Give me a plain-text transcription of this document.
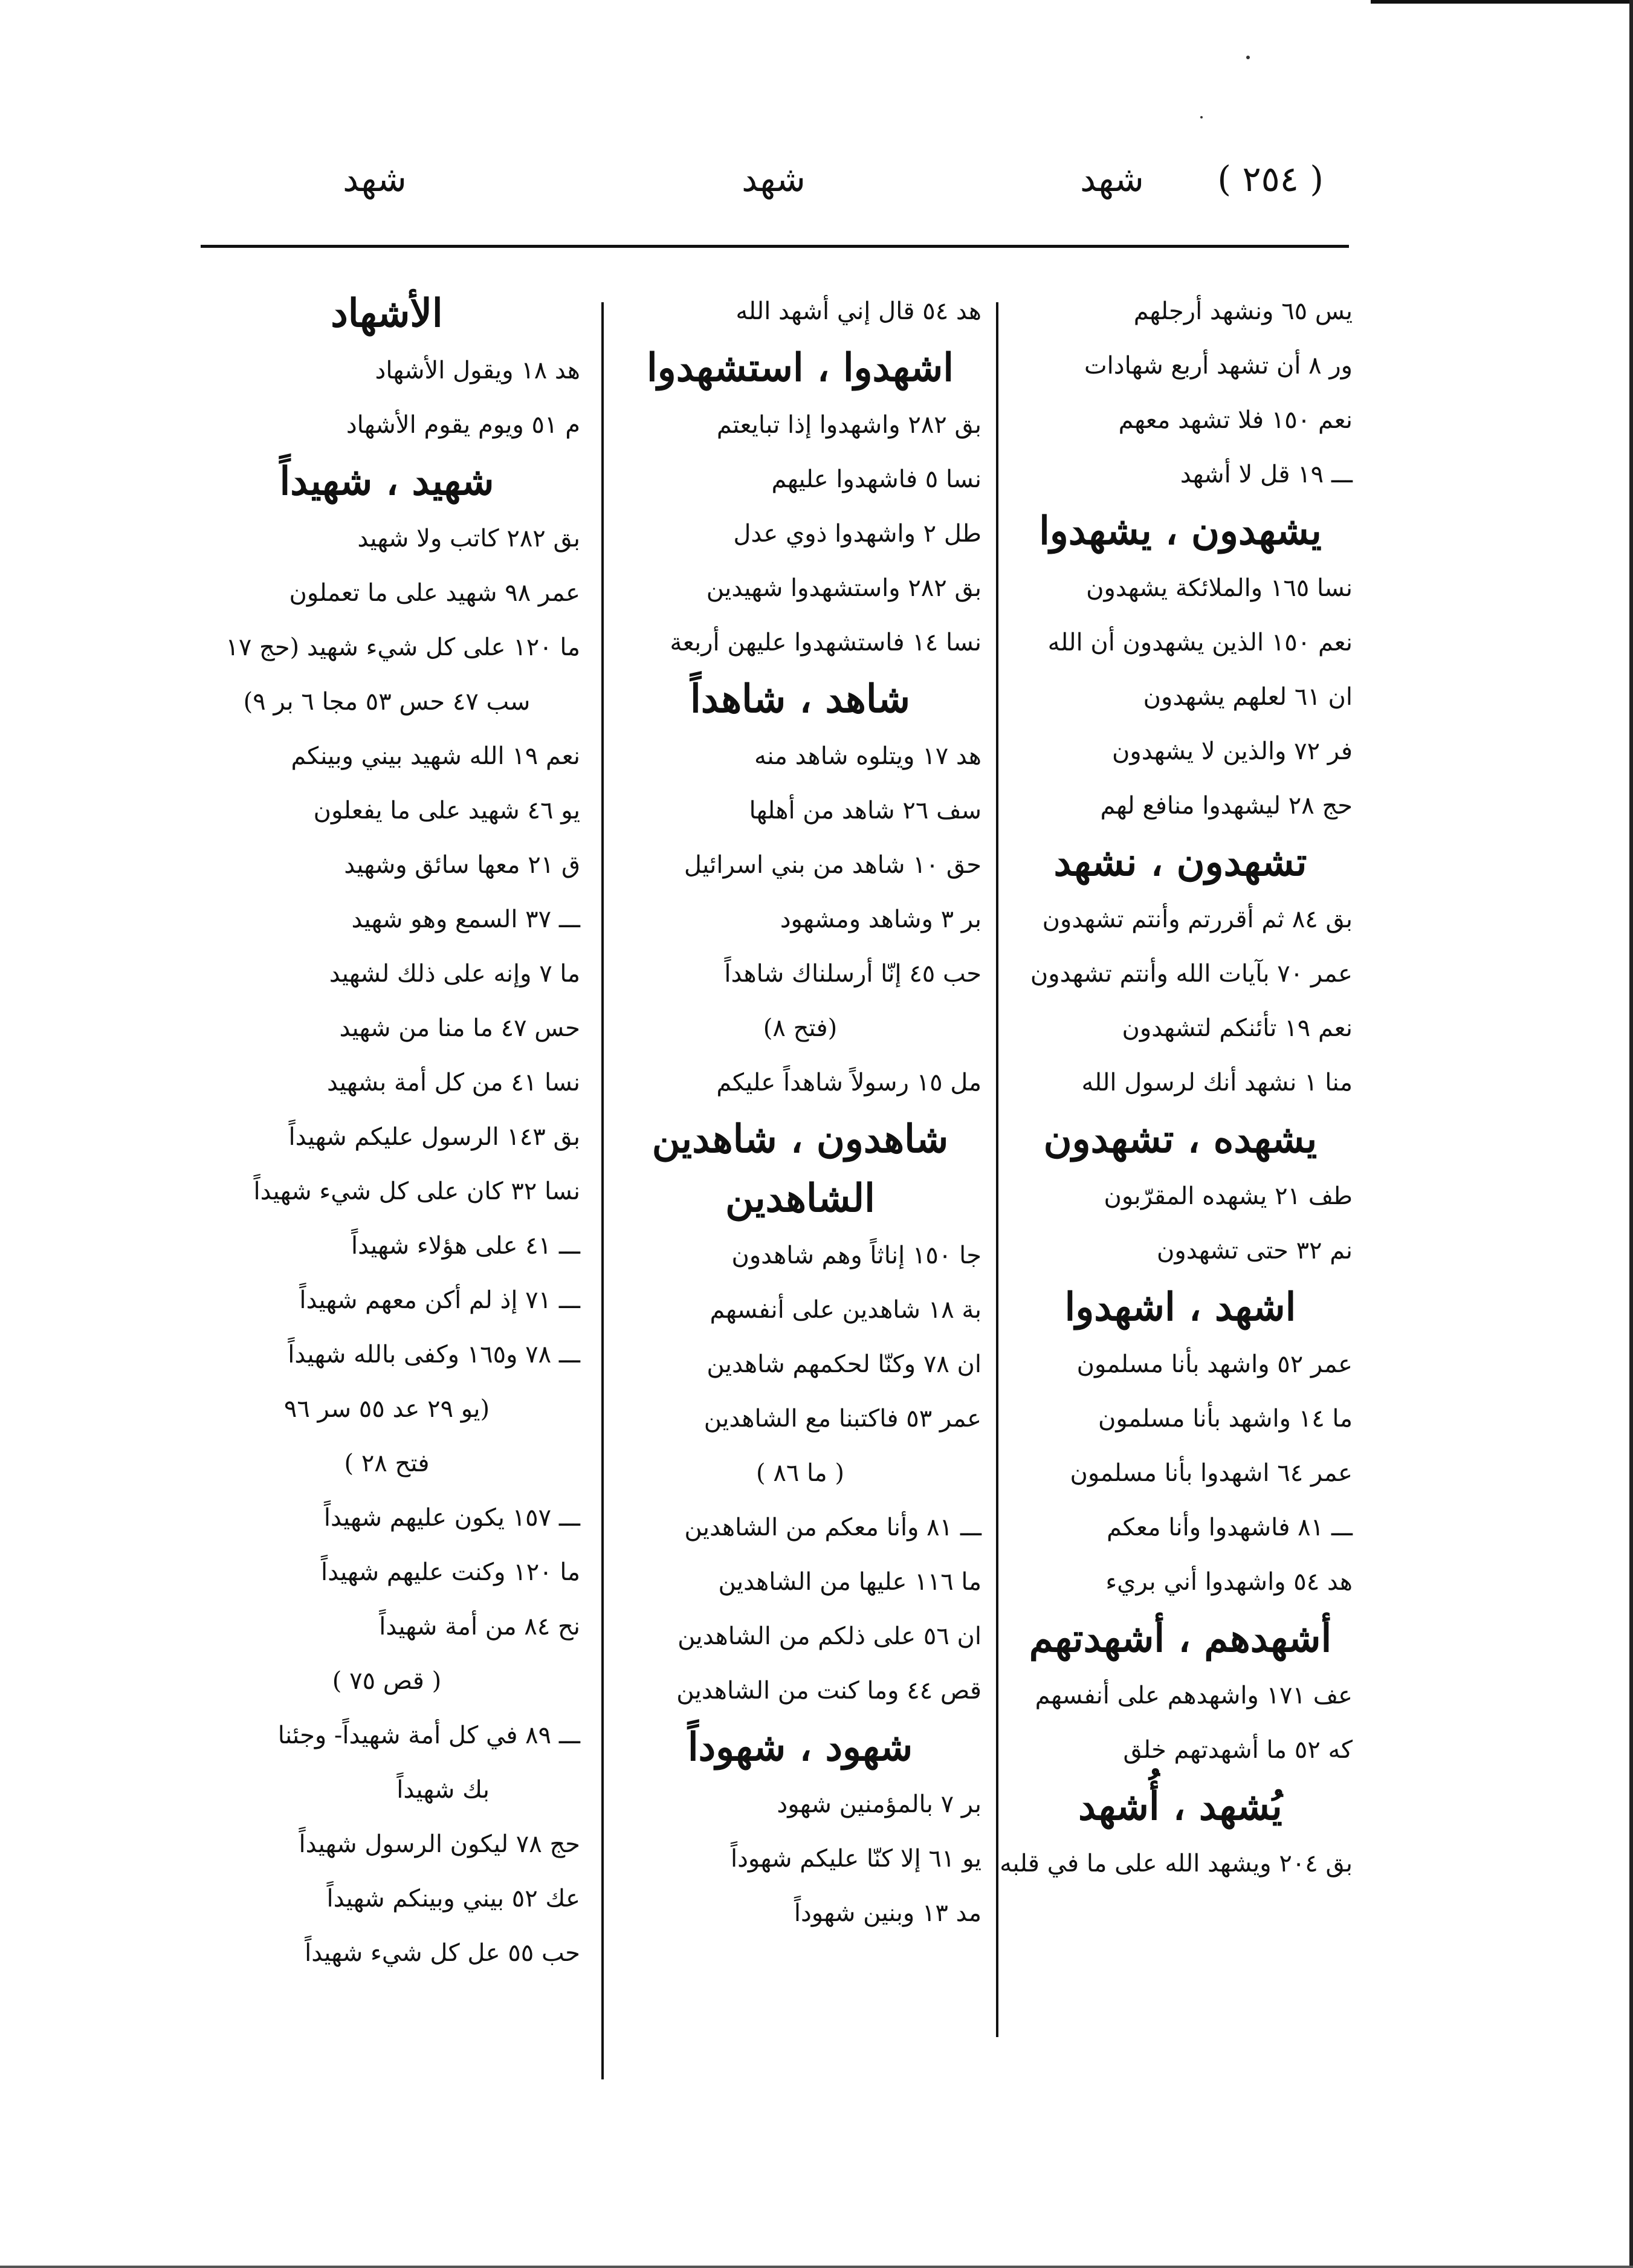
( ٢٥٤ )
شهد
شهد
شهد
يس ٦٥ ونشهد أرجلهم
ور ٨ أن تشهد أربع شهادات
نعم ١٥٠ فلا تشهد معهم
ـــ ١٩ قل لا أشهد
يشهدون ، يشهدوا
نسا ١٦٥ والملائكة يشهدون
نعم ١٥٠ الذين يشهدون أن الله
ان ٦١ لعلهم يشهدون
فر ٧٢ والذين لا يشهدون
حج ٢٨ ليشهدوا منافع لهم
تشهدون ، نشهد
بق ٨٤ ثم أقررتم وأنتم تشهدون
عمر ٧٠ بآيات الله وأنتم تشهدون
نعم ١٩ تأئنكم لتشهدون
منا ١ نشهد أنك لرسول الله
يشهده ، تشهدون
طف ٢١ يشهده المقرّبون
نم ٣٢ حتى تشهدون
اشهد ، اشهدوا
عمر ٥٢ واشهد بأنا مسلمون
ما ١٤ واشهد بأنا مسلمون
عمر ٦٤ اشهدوا بأنا مسلمون
ـــ ٨١ فاشهدوا وأنا معكم
هد ٥٤ واشهدوا أني بريء
أشهدهم ، أشهدتهم
عف ١٧١ واشهدهم على أنفسهم
كه ٥٢ ما أشهدتهم خلق
يُشهد ، أُشهد
بق ٢٠٤ ويشهد الله على ما في قلبه
هد ٥٤ قال إني أشهد الله
اشهدوا ، استشهدوا
بق ٢٨٢ واشهدوا إذا تبايعتم
نسا ٥ فاشهدوا عليهم
طل ٢ واشهدوا ذوي عدل
بق ٢٨٢ واستشهدوا شهيدين
نسا ١٤ فاستشهدوا عليهن أربعة
شاهد ، شاهداً
هد ١٧ ويتلوه شاهد منه
سف ٢٦ شاهد من أهلها
حق ١٠ شاهد من بني اسرائيل
بر ٣ وشاهد ومشهود
حب ٤٥ إنّا أرسلناك شاهداً
(فتح ٨)
مل ١٥ رسولاً شاهداً عليكم
شاهدون ، شاهدين
الشاهدين
جا ١٥٠ إناثاً وهم شاهدون
بة ١٨ شاهدين على أنفسهم
ان ٧٨ وكنّا لحكمهم شاهدين
عمر ٥٣ فاكتبنا مع الشاهدين
( ما ٨٦ )
ـــ ٨١ وأنا معكم من الشاهدين
ما ١١٦ عليها من الشاهدين
ان ٥٦ على ذلكم من الشاهدين
قص ٤٤ وما كنت من الشاهدين
شهود ، شهوداً
بر ٧ بالمؤمنين شهود
يو ٦١ إلا كنّا عليكم شهوداً
مد ١٣ وبنين شهوداً
الأشهاد
هد ١٨ ويقول الأشهاد
م ٥١ ويوم يقوم الأشهاد
شهيد ، شهيداً
بق ٢٨٢ كاتب ولا شهيد
عمر ٩٨ شهيد على ما تعملون
ما ١٢٠ على كل شيء شهيد (حج ١٧
سب ٤٧ حس ٥٣ مجا ٦ بر ٩)
نعم ١٩ الله شهيد بيني وبينكم
يو ٤٦ شهيد على ما يفعلون
ق ٢١ معها سائق وشهيد
ـــ ٣٧ السمع وهو شهيد
ما ٧ وإنه على ذلك لشهيد
حس ٤٧ ما منا من شهيد
نسا ٤١ من كل أمة بشهيد
بق ١٤٣ الرسول عليكم شهيداً
نسا ٣٢ كان على كل شيء شهيداً
ـــ ٤١ على هؤلاء شهيداً
ـــ ٧١ إذ لم أكن معهم شهيداً
ـــ ٧٨ و١٦٥ وكفى بالله شهيداً
(يو ٢٩ عد ٥٥ سر ٩٦
فتح ٢٨ )
ـــ ١٥٧ يكون عليهم شهيداً
ما ١٢٠ وكنت عليهم شهيداً
نح ٨٤ من أمة شهيداً
( قص ٧٥ )
ـــ ٨٩ في كل أمة شهيداً- وجئنا
بك شهيداً
حج ٧٨ ليكون الرسول شهيداً
عك ٥٢ بيني وبينكم شهيداً
حب ٥٥ عل كل شيء شهيداً
